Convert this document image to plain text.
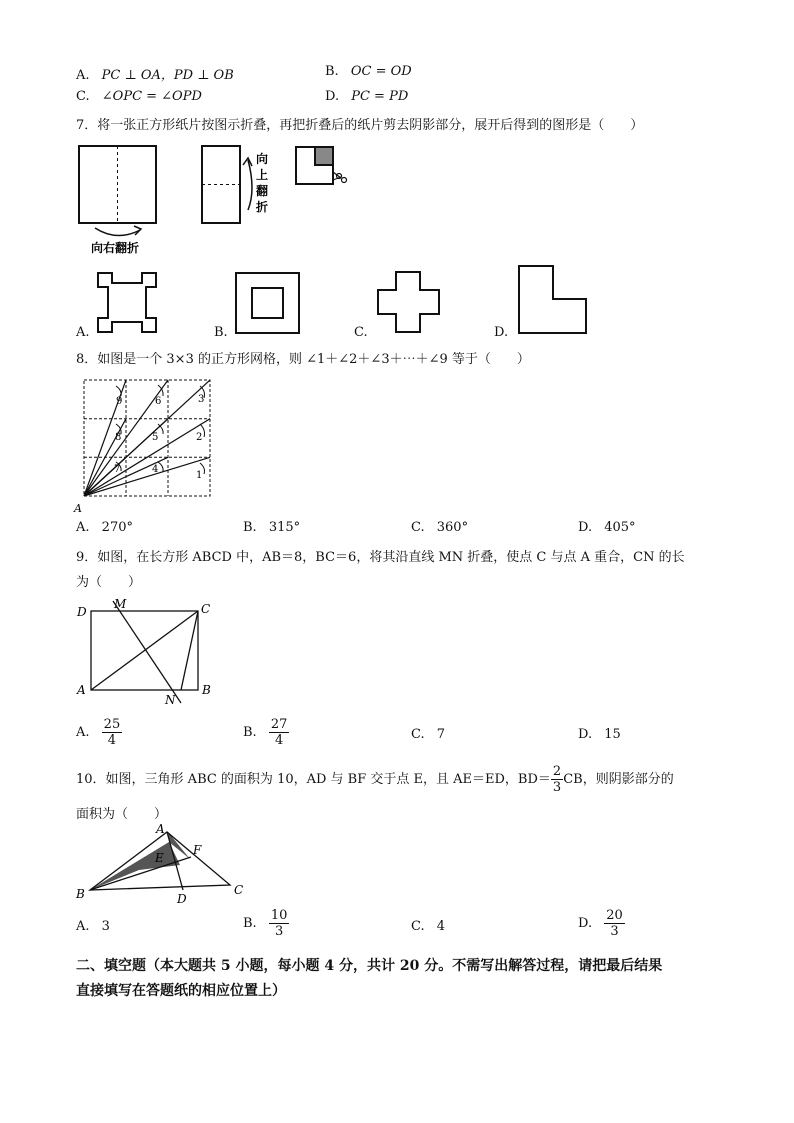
A. PC ⊥ OA，PD ⊥ OB	B. OC = OD
C. ∠OPC = ∠OPD	D. PC = PD
7．将一张正方形纸片按图示折叠，再把折叠后的纸片剪去阴影部分，展开后得到的图形是（　　）
向右翻折
向
上
翻
折
A.	B.	C.	D.
8．如图是一个 3×3 的正方形网格，则 ∠1＋∠2＋∠3＋⋯＋∠9 等于（　　）
1
2
3
4
5
6
7
8
9
A
A. 270°	B. 315°	C. 360°	D. 405°
9．如图，在长方形 ABCD 中，AB＝8，BC＝6，将其沿直线 MN 折叠，使点 C 与点 A 重合，CN 的长
为（　　）
D
M	C
A
N
B
A. $\frac{25}{4}$	B. $\frac{27}{4}$	C. 7	D. 15
10．如图，三角形 ABC 的面积为 10，AD 与 BF 交于点 E，且 AE＝ED，$BD= \frac{2}{3}$ CB，则阴影部分的
面积为（　　）
A
E
F
B	D
C
A. 3	B. $\frac{10}{3}$	C. 4	D. $\frac{20}{3}$
二、填空题（本大题共 5 小题，每小题 4 分，共计 20 分。不需写出解答过程，请把最后结果
直接填写在答题纸的相应位置上）
